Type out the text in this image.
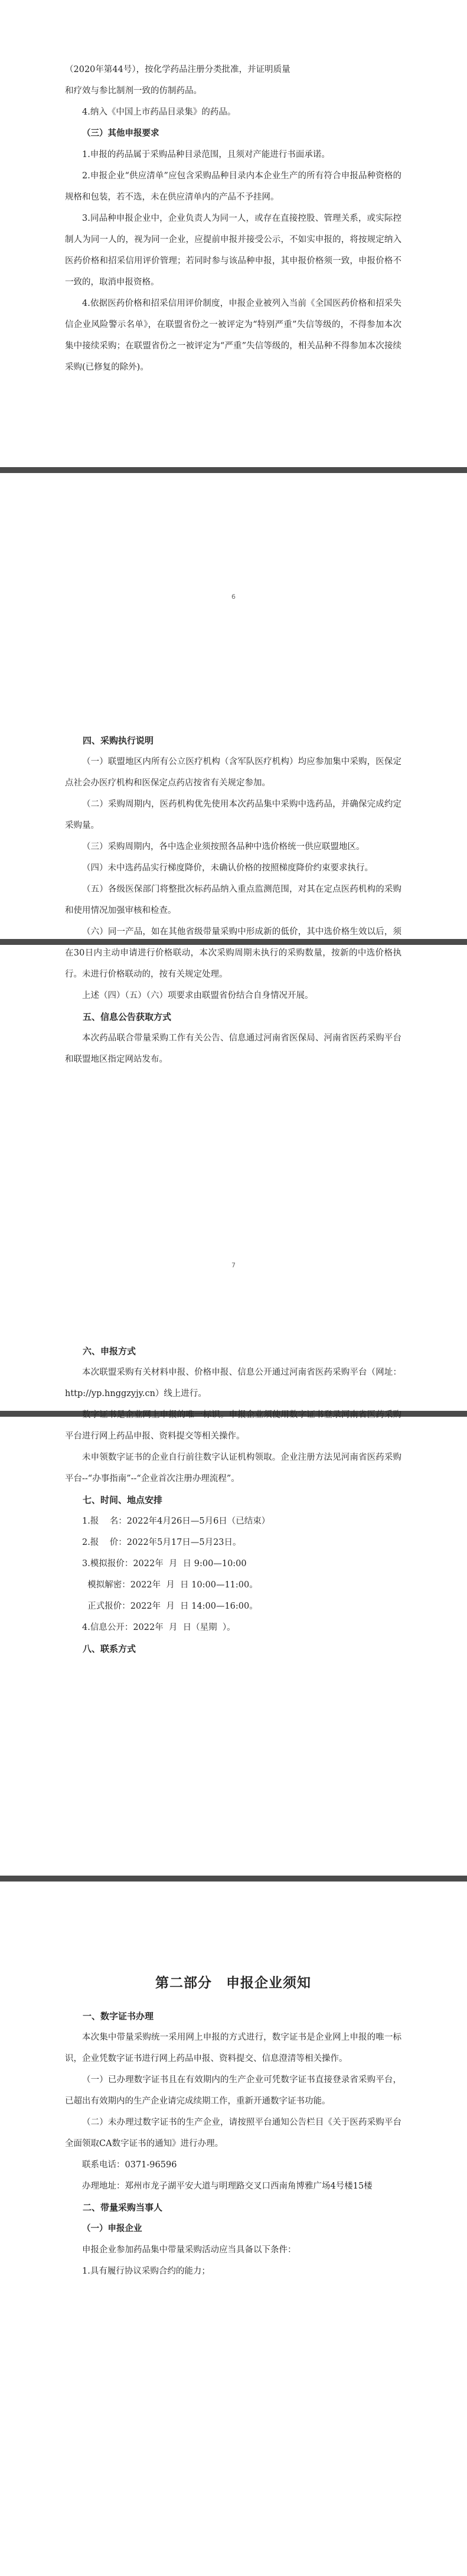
（2020年第44号），按化学药品注册分类批准，并证明质量

和疗效与参比制剂一致的仿制药品。

4.纳入《中国上市药品目录集》的药品。

（三）其他申报要求

1.申报的药品属于采购品种目录范围，且须对产能进行书面承诺。

2.申报企业“供应清单”应包含采购品种目录内本企业生产的所有符合申报品种资格的规格和包装，若不选，未在供应清单内的产品不予挂网。

3.同品种申报企业中，企业负责人为同一人，或存在直接控股、管理关系，或实际控制人为同一人的，视为同一企业，应提前申报并接受公示，不如实申报的，将按规定纳入医药价格和招采信用评价管理；若同时参与该品种申报，其申报价格须一致，申报价格不一致的，取消申报资格。

4.依据医药价格和招采信用评价制度，申报企业被列入当前《全国医药价格和招采失信企业风险警示名单》，在联盟省份之一被评定为“特别严重”失信等级的，不得参加本次集中接续采购；在联盟省份之一被评定为“严重”失信等级的，相关品种不得参加本次接续采购(已修复的除外)。

6

四、采购执行说明

（一）联盟地区内所有公立医疗机构（含军队医疗机构）均应参加集中采购，医保定点社会办医疗机构和医保定点药店按省有关规定参加。

（二）采购周期内，医药机构优先使用本次药品集中采购中选药品，并确保完成约定采购量。

（三）采购周期内，各中选企业须按照各品种中选价格统一供应联盟地区。

（四）未中选药品实行梯度降价，未确认价格的按照梯度降价约束要求执行。

（五）各级医保部门将整批次标药品纳入重点监测范围，对其在定点医药机构的采购和使用情况加强审核和检查。

（六）同一产品，如在其他省级带量采购中形成新的低价，其中选价格生效以后，须在30日内主动申请进行价格联动，本次采购周期未执行的采购数量，按新的中选价格执行。未进行价格联动的，按有关规定处理。

上述（四）（五）（六）项要求由联盟省份结合自身情况开展。

五、信息公告获取方式

本次药品联合带量采购工作有关公告、信息通过河南省医保局、河南省医药采购平台和联盟地区指定网站发布。

7

六、申报方式

本次联盟采购有关材料申报、价格申报、信息公开通过河南省医药采购平台（网址：http://yp.hnggzyjy.cn）线上进行。

数字证书是企业网上申报的唯一标识。申报企业须使用数字证书登录河南省医药采购平台进行网上药品申报、资料提交等相关操作。

未申领数字证书的企业自行前往数字认证机构领取。企业注册方法见河南省医药采购平台--“办事指南”--“企业首次注册办理流程”。

七、时间、地点安排

1.报    名：2022年4月26日—5月6日（已结束）

2.报    价：2022年5月17日—5月23日。

3.模拟报价：2022年  月  日 9:00—10:00

模拟解密：2022年  月  日 10:00—11:00。

正式报价：2022年  月  日 14:00—16:00。

4.信息公开：2022年  月  日（星期  ）。

八、联系方式

第二部分　申报企业须知

一、数字证书办理

本次集中带量采购统一采用网上申报的方式进行，数字证书是企业网上申报的唯一标识，企业凭数字证书进行网上药品申报、资料提交、信息澄清等相关操作。

（一）已办理数字证书且在有效期内的生产企业可凭数字证书直接登录省采购平台，已超出有效期内的生产企业请完成续期工作，重新开通数字证书功能。

（二）未办理过数字证书的生产企业，请按照平台通知公告栏目《关于医药采购平台全面领取CA数字证书的通知》进行办理。

联系电话：0371-96596

办理地址：郑州市龙子湖平安大道与明理路交叉口西南角博雅广场4号楼15楼

二、带量采购当事人

（一）申报企业

申报企业参加药品集中带量采购活动应当具备以下条件：

1.具有履行协议采购合约的能力；
